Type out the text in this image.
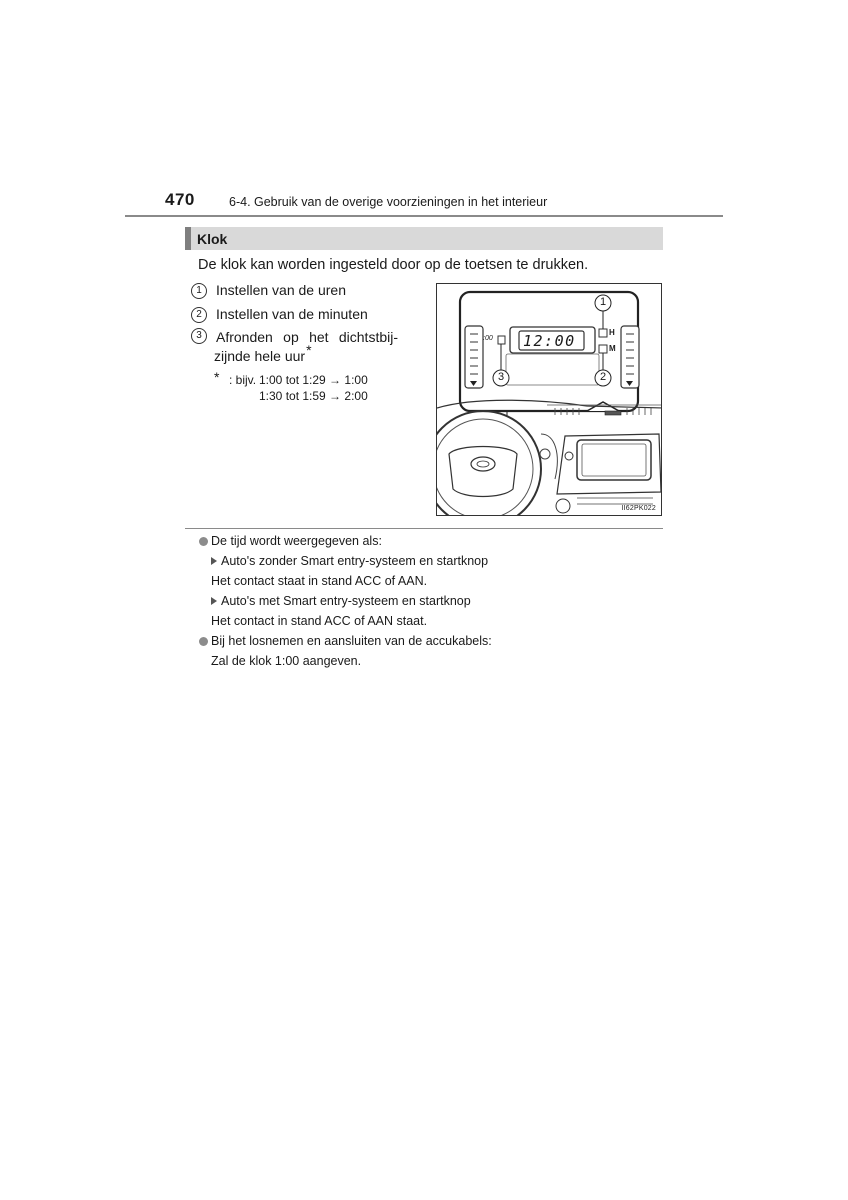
470	6-4. Gebruik van de overige voorzieningen in het interieur
Klok
De klok kan worden ingesteld door op de toetsen te drukken.
1	Instellen van de uren
2	Instellen van de minuten
3	Afronden op het dichtstbij-
zijnde hele uur*
* : bijv. 1:00 tot 1:29 → 1:00
1:30 tot 1:59 → 2:00
12:00
:00
H
M
1
2
3
II62PK022
De tijd wordt weergegeven als:
Auto's zonder Smart entry-systeem en startknop
Het contact staat in stand ACC of AAN.
Auto's met Smart entry-systeem en startknop
Het contact in stand ACC of AAN staat.
Bij het losnemen en aansluiten van de accukabels:
Zal de klok 1:00 aangeven.
